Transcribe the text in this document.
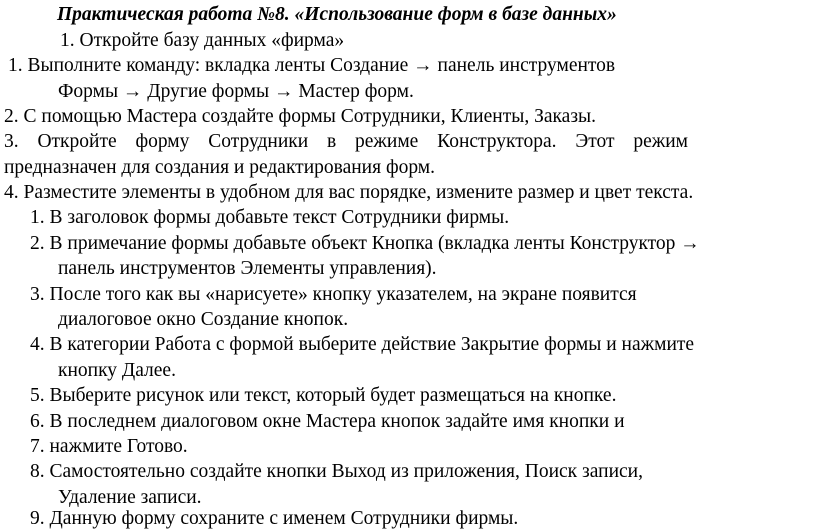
Практическая работа №8. «Использование форм в базе данных»
1. Откройте базу данных «фирма»
1. Выполните команду: вкладка ленты Создание → панель инструментов
Формы → Другие формы → Мастер форм.
2. С помощью Мастера создайте формы Сотрудники, Клиенты, Заказы.
3. Откройте форму Сотрудники в режиме Конструктора. Этот режим
предназначен для создания и редактирования форм.
4. Разместите элементы в удобном для вас порядке, измените размер и цвет текста.
1. В заголовок формы добавьте текст Сотрудники фирмы.
2. В примечание формы добавьте объект Кнопка (вкладка ленты Конструктор →
панель инструментов Элементы управления).
3. После того как вы «нарисуете» кнопку указателем, на экране появится
диалоговое окно Создание кнопок.
4. В категории Работа с формой выберите действие Закрытие формы и нажмите
кнопку Далее.
5. Выберите рисунок или текст, который будет размещаться на кнопке.
6. В последнем диалоговом окне Мастера кнопок задайте имя кнопки и
7. нажмите Готово.
8. Самостоятельно создайте кнопки Выход из приложения, Поиск записи,
Удаление записи.
9. Данную форму сохраните с именем Сотрудники фирмы.
